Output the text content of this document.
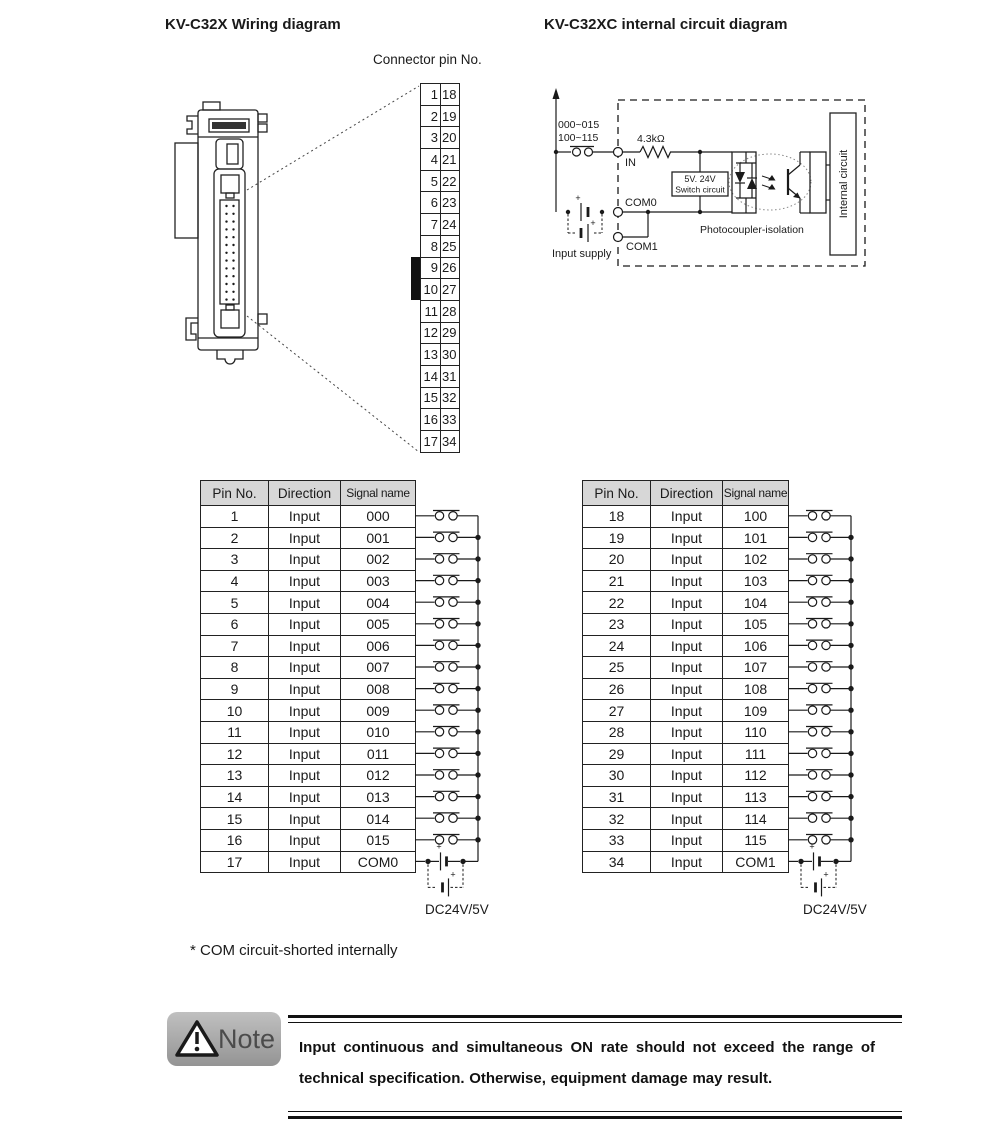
KV-C32X Wiring diagram	KV-C32XC internal circuit diagram
Connector pin No.
1	18
2	19
3	20
4	21
5	22
6	23
7	24
8	25
9	26
10	27
11	28
12	29
13	30
14	31
15	32
16	33
17	34
000~015
100~115
IN
4.3kΩ
5V. 24V
Switch circuit
COM0
COM1
+
+
Input supply
Photocoupler-isolation
Internal circuit
Pin No.	Direction	Signal name
1	Input	000
2	Input	001
3	Input	002
4	Input	003
5	Input	004
6	Input	005
7	Input	006
8	Input	007
9	Input	008
10	Input	009
11	Input	010
12	Input	011
13	Input	012
14	Input	013
15	Input	014
16	Input	015
17	Input	COM0
Pin No.	Direction	Signal name
18	Input	100
19	Input	101
20	Input	102
21	Input	103
22	Input	104
23	Input	105
24	Input	106
25	Input	107
26	Input	108
27	Input	109
28	Input	110
29	Input	111
30	Input	112
31	Input	113
32	Input	114
33	Input	115
34	Input	COM1
+
+
+
+
DC24V/5V	DC24V/5V
* COM circuit-shorted internally
Note Input continuous and simultaneous ON rate should not exceed the range of
technical specification. Otherwise, equipment damage may result.
